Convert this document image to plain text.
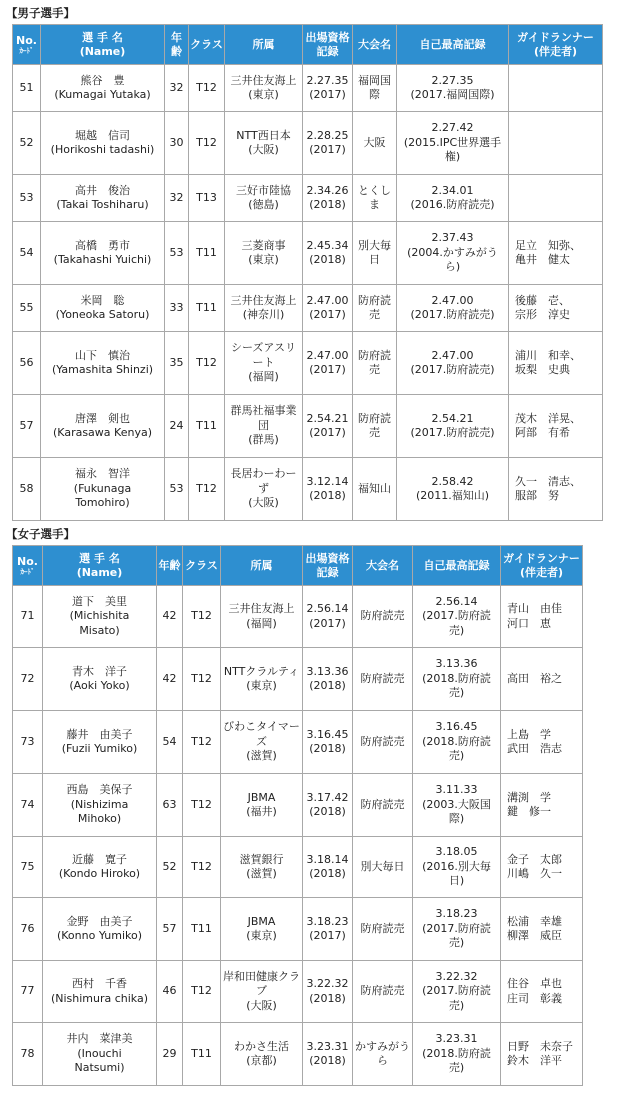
【男子選手】
No.
ｶｰﾄﾞ	選 手 名
(Name)	年齢	クラス	所属	出場資格
記録	大会名	自己最高記録	ガイドランナー
(伴走者)

51	熊谷　豊
(Kumagai Yutaka)	32	T12	三井住友海上
(東京)	2.27.35
(2017)	福岡国
際	2.27.35
(2017.福岡国際)	

52	堀越　信司
(Horikoshi tadashi)	30	T12	NTT西日本
(大阪)	2.28.25
(2017)	大阪	2.27.42
(2015.IPC世界選手
権)	

53	高井　俊治
(Takai Toshiharu)	32	T13	三好市陸協
(徳島)	2.34.26
(2018)	とくし
ま	2.34.01
(2016.防府読売)	

54	高橋　勇市
(Takahashi Yuichi)	53	T11	三菱商事
(東京)	2.45.34
(2018)	別大毎
日	2.37.43
(2004.かすみがう
ら)	足立　知弥、
亀井　健太

55	米岡　聡
(Yoneoka Satoru)	33	T11	三井住友海上
(神奈川)	2.47.00
(2017)	防府読
売	2.47.00
(2017.防府読売)	後藤　壱、
宗形　淳史

56	山下　慎治
(Yamashita Shinzi)	35	T12	シーズアスリ
ート
(福岡)	2.47.00
(2017)	防府読
売	2.47.00
(2017.防府読売)	浦川　和幸、
坂梨　史典

57	唐澤　剣也
(Karasawa Kenya)	24	T11	群馬社福事業
団
(群馬)	2.54.21
(2017)	防府読
売	2.54.21
(2017.防府読売)	茂木　洋晃、
阿部　有希

58	福永　智洋
(Fukunaga
Tomohiro)	53	T12	長居わーわー
ず
(大阪)	3.12.14
(2018)	福知山	2.58.42
(2011.福知山)	久一　清志、
服部　努
【女子選手】
No.
ｶｰﾄﾞ	選 手 名
(Name)	年齢	クラス	所属	出場資格
記録	大会名	自己最高記録	ガイドランナー
(伴走者)

71	道下　美里
(Michishita
Misato)	42	T12	三井住友海上
(福岡)	2.56.14
(2017)	防府読売	2.56.14
(2017.防府読
売)	青山　由佳
河口　恵

72	青木　洋子
(Aoki Yoko)	42	T12	NTTクラルティ
(東京)	3.13.36
(2018)	防府読売	3.13.36
(2018.防府読
売)	高田　裕之

73	藤井　由美子
(Fuzii Yumiko)	54	T12	びわこタイマー
ズ
(滋賀)	3.16.45
(2018)	防府読売	3.16.45
(2018.防府読
売)	上島　学
武田　浩志

74	西島　美保子
(Nishizima
Mihoko)	63	T12	JBMA
(福井)	3.17.42
(2018)	防府読売	3.11.33
(2003.大阪国
際)	溝渕　学
鍵　修一

75	近藤　寛子
(Kondo Hiroko)	52	T12	滋賀銀行
(滋賀)	3.18.14
(2018)	別大毎日	3.18.05
(2016.別大毎
日)	金子　太郎
川嶋　久一

76	金野　由美子
(Konno Yumiko)	57	T11	JBMA
(東京)	3.18.23
(2017)	防府読売	3.18.23
(2017.防府読
売)	松浦　幸雄
柳澤　威臣

77	西村　千香
(Nishimura chika)	46	T12	岸和田健康クラ
ブ
(大阪)	3.22.32
(2018)	防府読売	3.22.32
(2017.防府読
売)	住谷　卓也
庄司　彰義

78	井内　菜津美
(Inouchi
Natsumi)	29	T11	わかさ生活
(京都)	3.23.31
(2018)	かすみがう
ら	3.23.31
(2018.防府読
売)	日野　未奈子
鈴木　洋平
